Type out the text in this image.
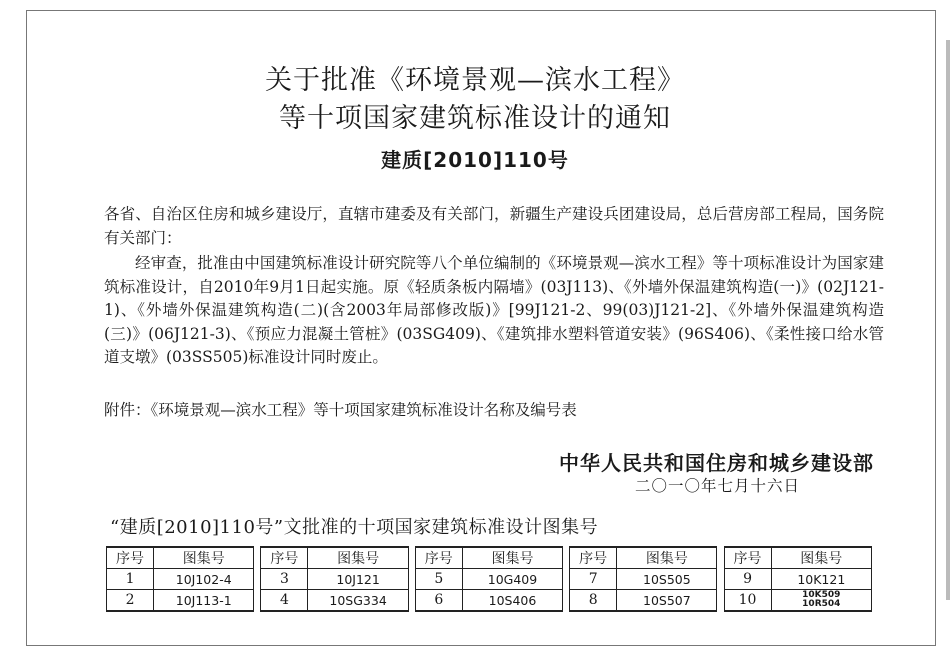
关于批准《环境景观—滨水工程》
等十项国家建筑标准设计的通知
建质[2010]110号
各省、自治区住房和城乡建设厅，直辖市建委及有关部门，新疆生产建设兵团建设局，总后营房部工程局，国务院有关部门：
经审查，批准由中国建筑标准设计研究院等八个单位编制的《环境景观—滨水工程》等十项标准设计为国家建筑标准设计，自2010年9月1日起实施。原《轻质条板内隔墙》(03J113)、《外墙外保温建筑构造(一)》(02J121-1)、《外墙外保温建筑构造(二)(含2003年局部修改版)》[99J121-2、99(03)J121-2]、《外墙外保温建筑构造(三)》(06J121-3)、《预应力混凝土管桩》(03SG409)、《建筑排水塑料管道安装》(96S406)、《柔性接口给水管道支墩》(03SS505)标准设计同时废止。
附件：《环境景观—滨水工程》等十项国家建筑标准设计名称及编号表
中华人民共和国住房和城乡建设部
二〇一〇年七月十六日
“建质[2010]110号”文批准的十项国家建筑标准设计图集号
序号	图集号		序号	图集号		序号	图集号		序号	图集号		序号	图集号
1	10J102-4		3	10J121		5	10G409		7	10S505		9	10K121
2	10J113-1		4	10SG334		6	10S406		8	10S507		10	10K509
10R504
